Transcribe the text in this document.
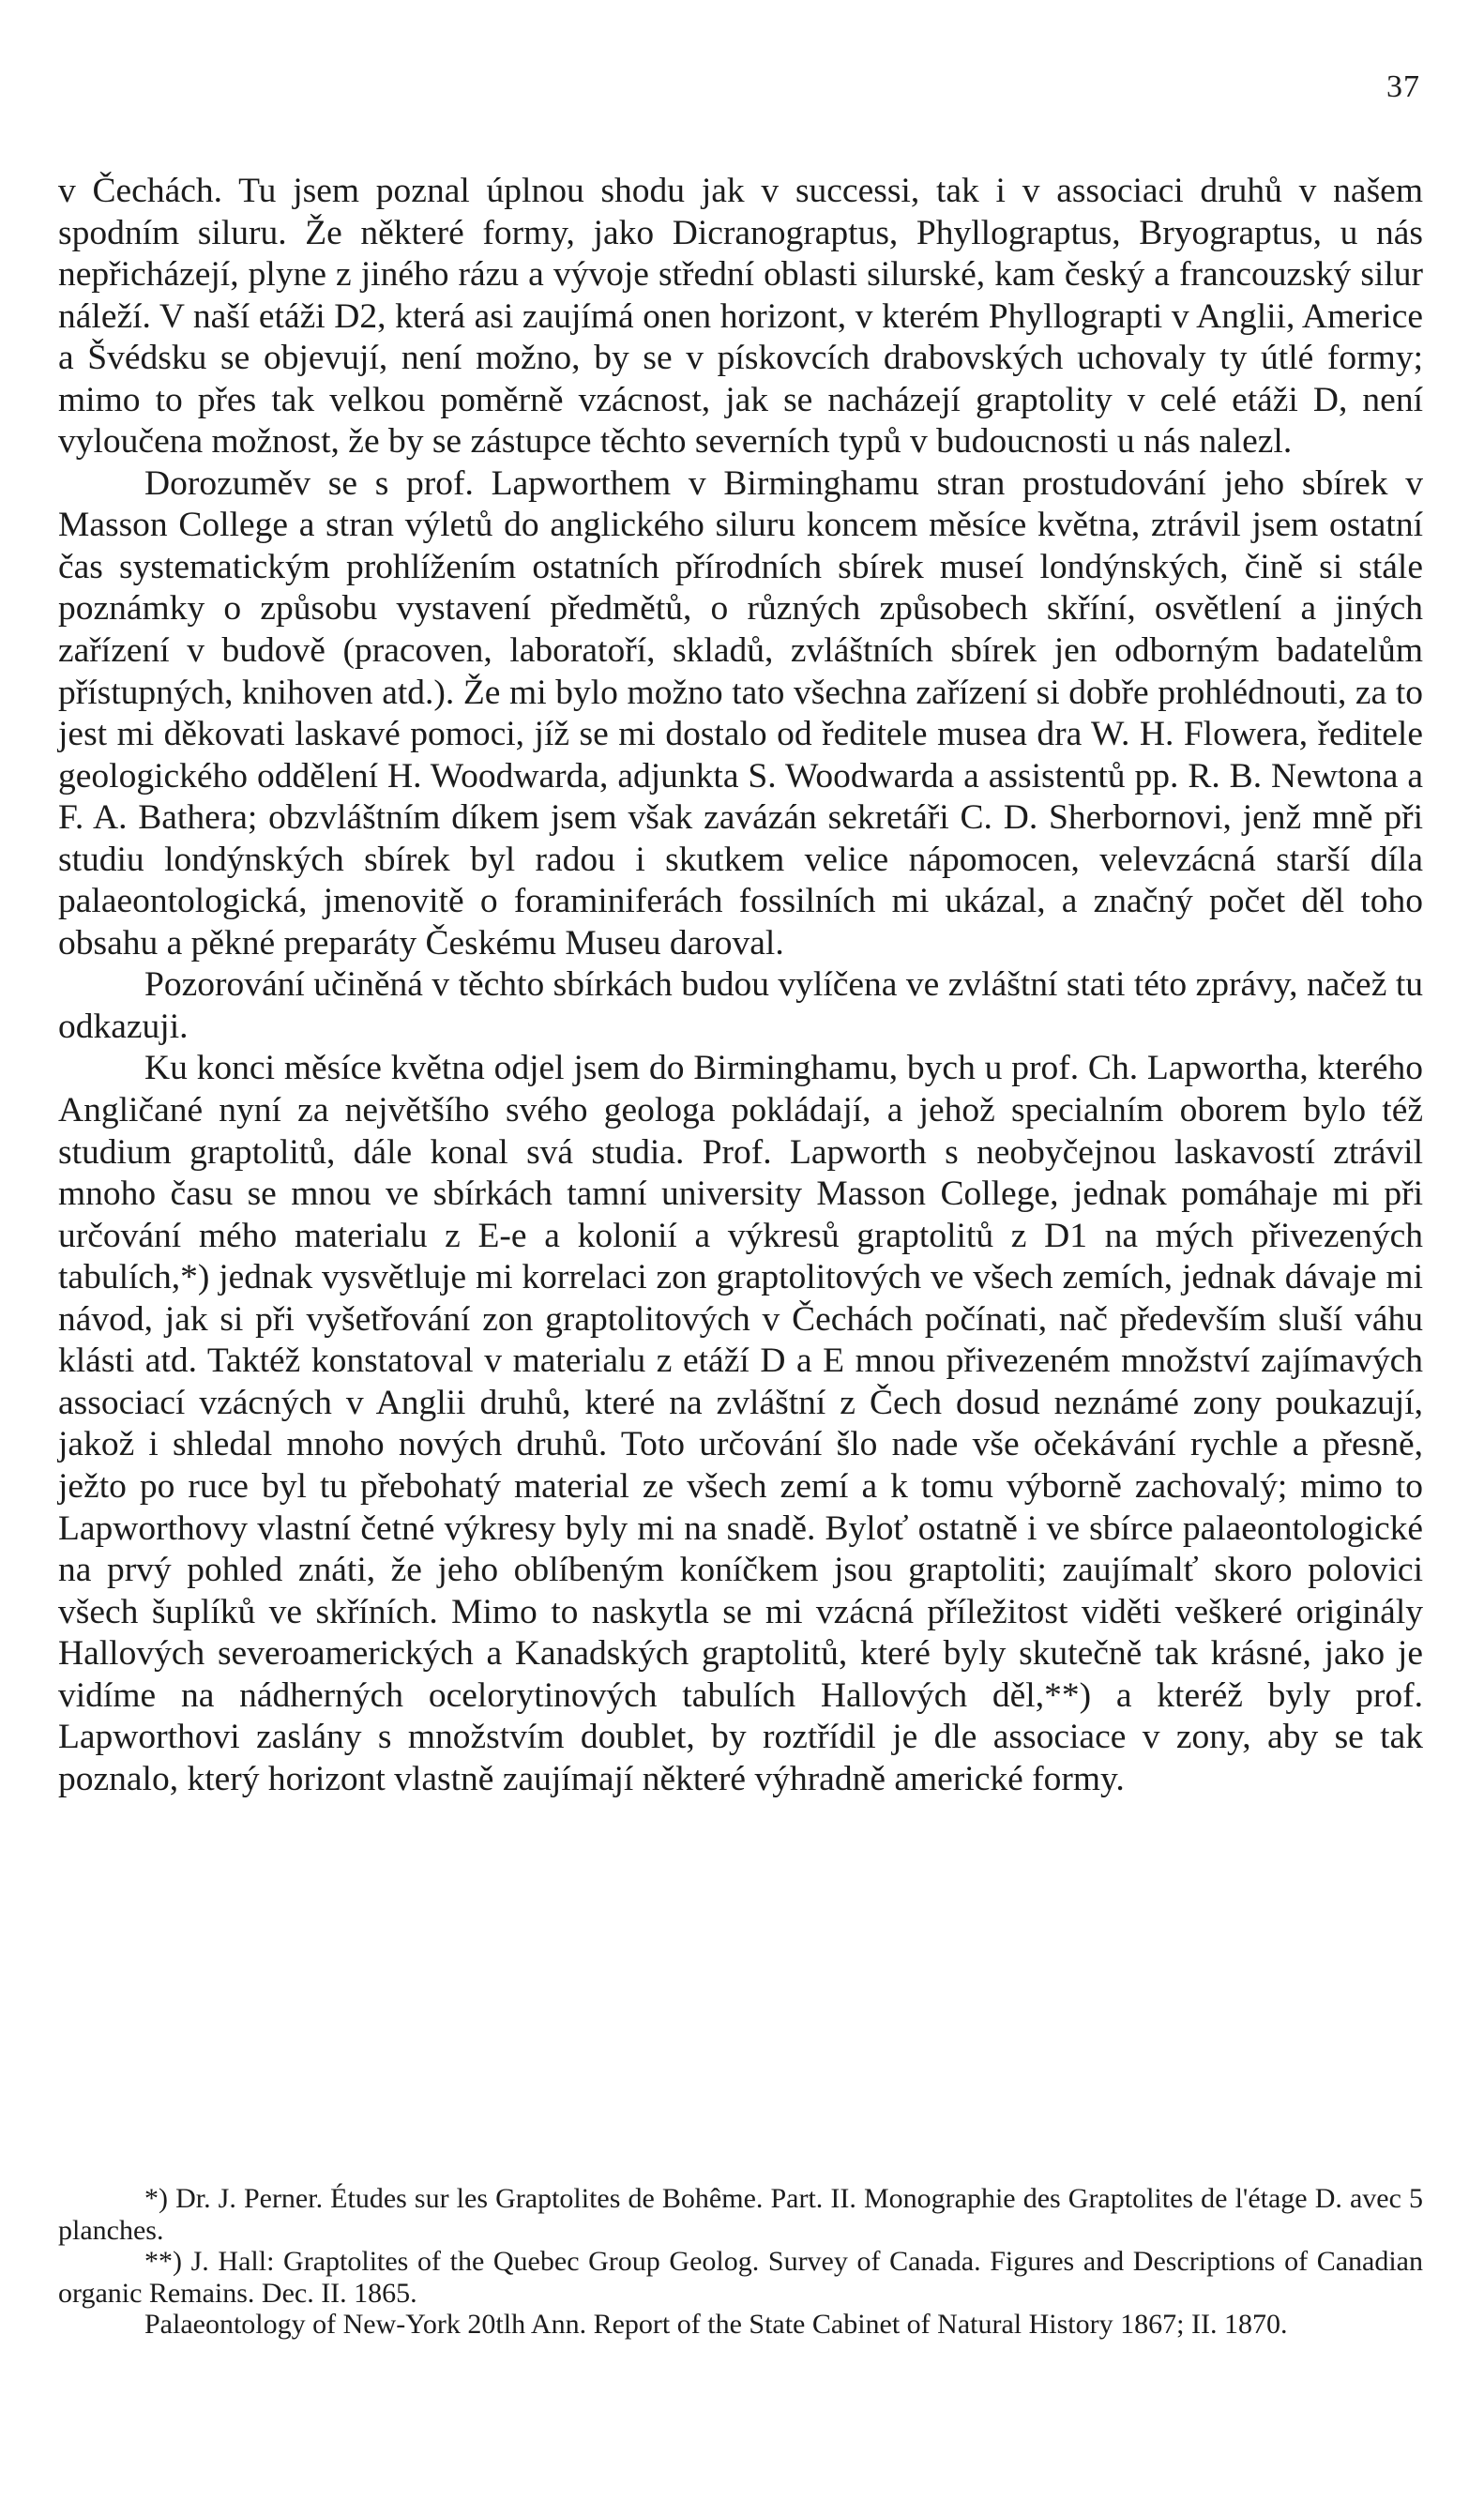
37

v Čechách. Tu jsem poznal úplnou shodu jak v successi, tak i v associaci druhů v našem spodním siluru. Že některé formy, jako Dicranograptus, Phyllograptus, Bryograptus, u nás nepřicházejí, plyne z jiného rázu a vývoje střední oblasti silurské, kam český a francouzský silur náleží. V naší etáži D2, která asi zaujímá onen horizont, v kterém Phyllograpti v Anglii, Americe a Švédsku se objevují, není možno, by se v pískovcích drabovských uchovaly ty útlé formy; mimo to přes tak velkou poměrně vzácnost, jak se nacházejí graptolity v celé etáži D, není vyloučena možnost, že by se zástupce těchto severních typů v budoucnosti u nás nalezl.

Dorozuměv se s prof. Lapworthem v Birminghamu stran prostudování jeho sbírek v Masson College a stran výletů do anglického siluru koncem měsíce května, ztrávil jsem ostatní čas systematickým prohlížením ostatních přírodních sbírek museí londýnských, čině si stále poznámky o způsobu vystavení předmětů, o různých způsobech skříní, osvětlení a jiných zařízení v budově (pracoven, laboratoří, skladů, zvláštních sbírek jen odborným badatelům přístupných, knihoven atd.). Že mi bylo možno tato všechna zařízení si dobře prohlédnouti, za to jest mi děkovati laskavé pomoci, jíž se mi dostalo od ředitele musea dra W. H. Flowera, ředitele geologického oddělení H. Woodwarda, adjunkta S. Woodwarda a assistentů pp. R. B. Newtona a F. A. Bathera; obzvláštním díkem jsem však zavázán sekretáři C. D. Sherbornovi, jenž mně při studiu londýnských sbírek byl radou i skutkem velice nápomocen, velevzácná starší díla palaeontologická, jmenovitě o foraminiferách fossilních mi ukázal, a značný počet děl toho obsahu a pěkné preparáty Českému Museu daroval.

Pozorování učiněná v těchto sbírkách budou vylíčena ve zvláštní stati této zprávy, načež tu odkazuji.

Ku konci měsíce května odjel jsem do Birminghamu, bych u prof. Ch. Lapwortha, kterého Angličané nyní za největšího svého geologa pokládají, a jehož specialním oborem bylo též studium graptolitů, dále konal svá studia. Prof. Lapworth s neobyčejnou laskavostí ztrávil mnoho času se mnou ve sbírkách tamní university Masson College, jednak pomáhaje mi při určování mého materialu z E-e a kolonií a výkresů graptolitů z D1 na mých přivezených tabulích,*) jednak vysvětluje mi korrelaci zon graptolitových ve všech zemích, jednak dávaje mi návod, jak si při vyšetřování zon graptolitových v Čechách počínati, nač především sluší váhu klásti atd. Taktéž konstatoval v materialu z etáží D a E mnou přivezeném množství zajímavých associací vzácných v Anglii druhů, které na zvláštní z Čech dosud neznámé zony poukazují, jakož i shledal mnoho nových druhů. Toto určování šlo nade vše očekávání rychle a přesně, ježto po ruce byl tu přebohatý material ze všech zemí a k tomu výborně zachovalý; mimo to Lapworthovy vlastní četné výkresy byly mi na snadě. Byloť ostatně i ve sbírce palaeontologické na prvý pohled znáti, že jeho oblíbeným koníčkem jsou graptoliti; zaujímalť skoro polovici všech šuplíků ve skříních. Mimo to naskytla se mi vzácná příležitost viděti veškeré originály Hallových severoamerických a Kanadských graptolitů, které byly skutečně tak krásné, jako je vidíme na nádherných ocelorytinových tabulích Hallových děl,**) a kteréž byly prof. Lapworthovi zaslány s množstvím doublet, by roztřídil je dle associace v zony, aby se tak poznalo, který horizont vlastně zaujímají některé výhradně americké formy.

*) Dr. J. Perner. Études sur les Graptolites de Bohême. Part. II. Monographie des Graptolites de l'étage D. avec 5 planches.

**) J. Hall: Graptolites of the Quebec Group Geolog. Survey of Canada. Figures and Descriptions of Canadian organic Remains. Dec. II. 1865.

Palaeontology of New-York 20tlh Ann. Report of the State Cabinet of Natural History 1867; II. 1870.
